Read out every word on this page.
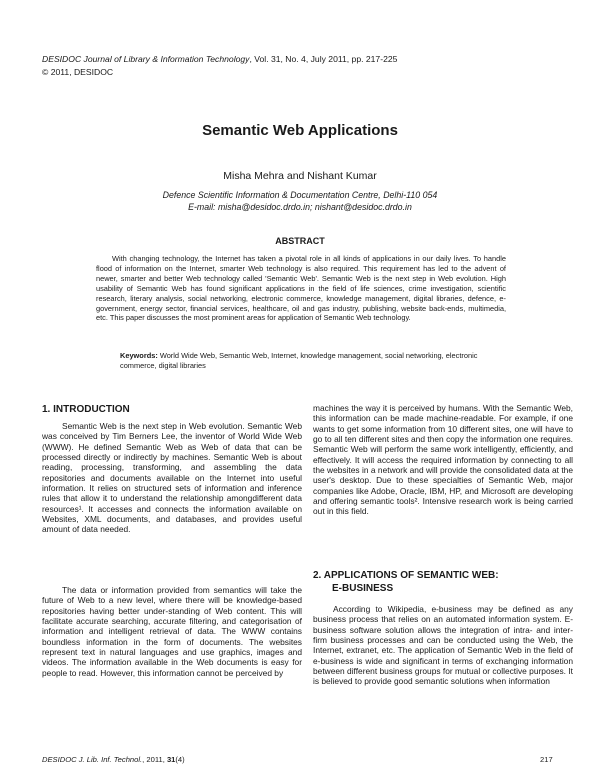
DESIDOC Journal of Library & Information Technology, Vol. 31, No. 4, July 2011, pp. 217-225
© 2011, DESIDOC
Semantic Web Applications
Misha Mehra and Nishant Kumar
Defence Scientific Information & Documentation Centre, Delhi-110 054
E-mail: misha@desidoc.drdo.in; nishant@desidoc.drdo.in
ABSTRACT

With changing technology, the Internet has taken a pivotal role in all kinds of applications in our daily lives. To handle flood of information on the Internet, smarter Web technology is also required. This requirement has led to the advent of newer, smarter and better Web technology called 'Semantic Web'. Semantic Web is the next step in Web evolution. High usability of Semantic Web has found significant applications in the field of life sciences, crime investigation, scientific research, literary analysis, social networking, electronic commerce, knowledge management, digital libraries, defence, e-government, energy sector, financial services, healthcare, oil and gas industry, publishing, website back-ends, multimedia, etc. This paper discusses the most prominent areas for application of Semantic Web technology.

Keywords: World Wide Web, Semantic Web, Internet, knowledge management, social networking, electronic commerce, digital libraries
1. INTRODUCTION

Semantic Web is the next step in Web evolution. Semantic Web was conceived by Tim Berners Lee, the inventor of World Wide Web (WWW). He defined Semantic Web as Web of data that can be processed directly or indirectly by machines. Semantic Web is about reading, processing, transforming, and assembling the data repositories and documents available on the Internet into useful information. It relies on structured sets of information and inference rules that allow it to understand the relationship amongdifferent data resources¹. It accesses and connects the information available on Websites, XML documents, and databases, and provides useful amount of data needed.

The data or information provided from semantics will take the future of Web to a new level, where there will be knowledge-based repositories having better under-standing of Web content. This will facilitate accurate searching, accurate filtering, and categorisation of information and intelligent retrieval of data. The WWW contains boundless information in the form of documents. The websites represent text in natural languages and use graphics, images and videos. The information available in the Web documents is easy for people to read. However, this information cannot be perceived by

machines the way it is perceived by humans. With the Semantic Web, this information can be made machine-readable. For example, if one wants to get some information from 10 different sites, one will have to go to all ten different sites and then copy the information one requires. Semantic Web will perform the same work intelligently, efficiently, and effectively. It will access the required information by connecting to all the websites in a network and will provide the consolidated data at the user's desktop. Due to these specialties of Semantic Web, major companies like Adobe, Oracle, IBM, HP, and Microsoft are developing and offering semantic tools². Intensive research work is being carried out in this field.

2. APPLICATIONS OF SEMANTIC WEB:
E-BUSINESS

According to Wikipedia, e-business may be defined as any business process that relies on an automated information system. E-business software solution allows the integration of intra- and inter-firm business processes and can be conducted using the Web, the Internet, extranet, etc. The application of Semantic Web in the field of e-business is wide and significant in terms of exchanging information between different business groups for mutual or collective purposes. It is believed to provide good semantic solutions when information

DESIDOC J. Lib. Inf. Technol., 2011, 31(4)	217
